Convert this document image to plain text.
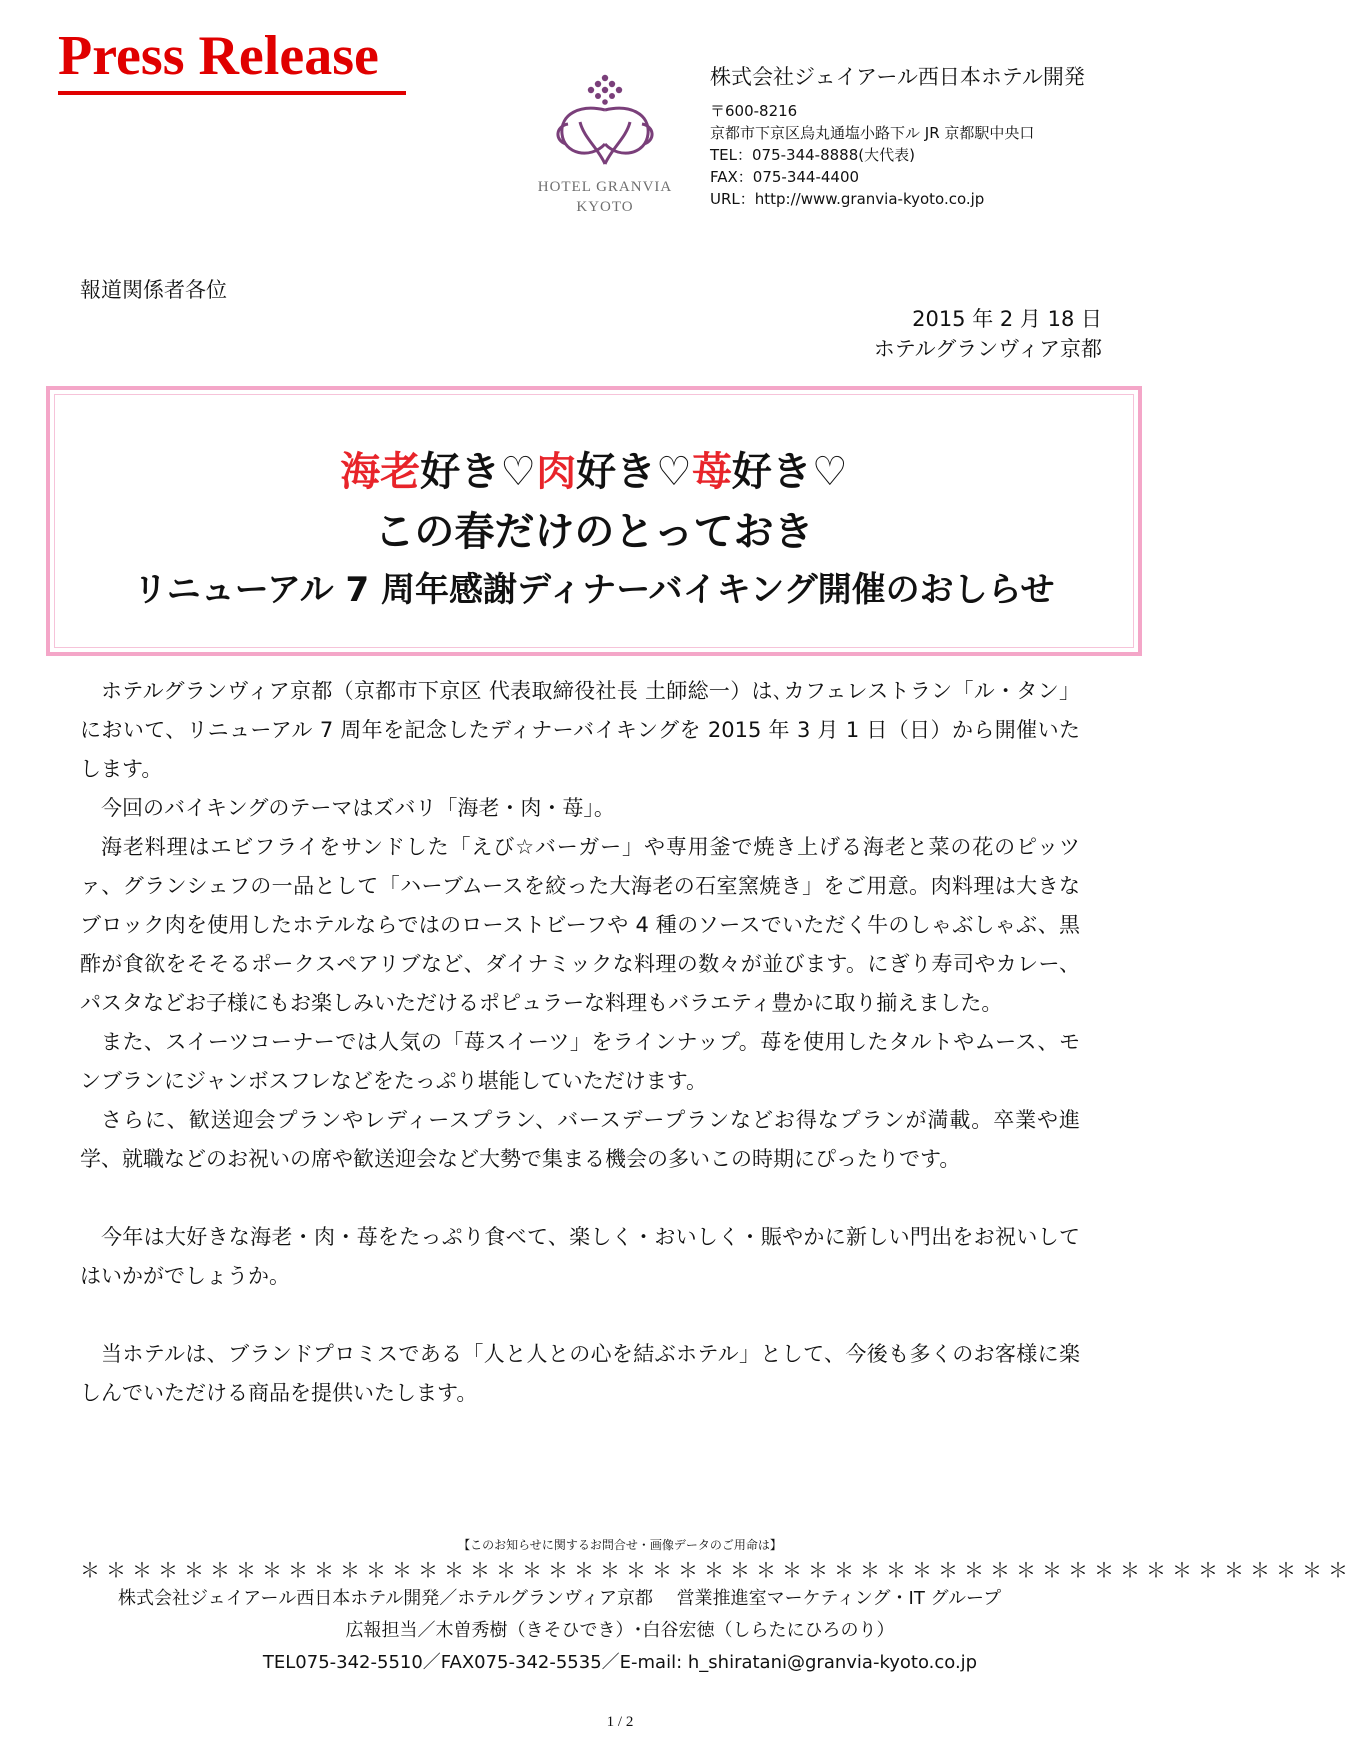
Press Release
HOTEL GRANVIA
KYOTO
株式会社ジェイアール西日本ホテル開発
〒600-8216
京都市下京区烏丸通塩小路下ル JR 京都駅中央口
TEL：075-344-8888(大代表)
FAX：075-344-4400
URL：http://www.granvia-kyoto.co.jp
報道関係者各位
2015 年 2 月 18 日
ホテルグランヴィア京都
海老好き♡肉好き♡苺好き♡
この春だけのとっておき
リニューアル 7 周年感謝ディナーバイキング開催のおしらせ

ホテルグランヴィア京都（京都市下京区 代表取締役社長 土師総一）は､カフェレストラン「ル・タン」において、リニューアル 7 周年を記念したディナーバイキングを 2015 年 3 月 1 日（日）から開催いたします。

今回のバイキングのテーマはズバリ「海老・肉・苺」。

海老料理はエビフライをサンドした「えび☆バーガー」や専用釜で焼き上げる海老と菜の花のピッツァ、グランシェフの一品として「ハーブムースを絞った大海老の石室窯焼き」をご用意。肉料理は大きなブロック肉を使用したホテルならではのローストビーフや 4 種のソースでいただく牛のしゃぶしゃぶ、黒酢が食欲をそそるポークスペアリブなど、ダイナミックな料理の数々が並びます。にぎり寿司やカレー、パスタなどお子様にもお楽しみいただけるポピュラーな料理もバラエティ豊かに取り揃えました。

また、スイーツコーナーでは人気の「苺スイーツ」をラインナップ。苺を使用したタルトやムース、モンブランにジャンボスフレなどをたっぷり堪能していただけます。

さらに、歓送迎会プランやレディースプラン、バースデープランなどお得なプランが満載。卒業や進学、就職などのお祝いの席や歓送迎会など大勢で集まる機会の多いこの時期にぴったりです。

今年は大好きな海老・肉・苺をたっぷり食べて、楽しく・おいしく・賑やかに新しい門出をお祝いしてはいかがでしょうか。

当ホテルは、ブランドプロミスである「人と人との心を結ぶホテル」として、今後も多くのお客様に楽しんでいただける商品を提供いたします。

【このお知らせに関するお問合せ・画像データのご用命は】
＊＊＊＊＊＊＊＊＊＊＊＊＊＊＊＊＊＊＊＊＊＊＊＊＊＊＊＊＊＊＊＊＊＊＊＊＊＊＊＊＊＊＊＊＊＊＊＊＊
株式会社ジェイアール西日本ホテル開発／ホテルグランヴィア京都　 営業推進室マーケティング・IT グループ
広報担当／木曽秀樹（きそひでき）･白谷宏徳（しらたにひろのり）
TEL075-342-5510／FAX075-342-5535／E-mail: h_shiratani@granvia-kyoto.co.jp
1 / 2
